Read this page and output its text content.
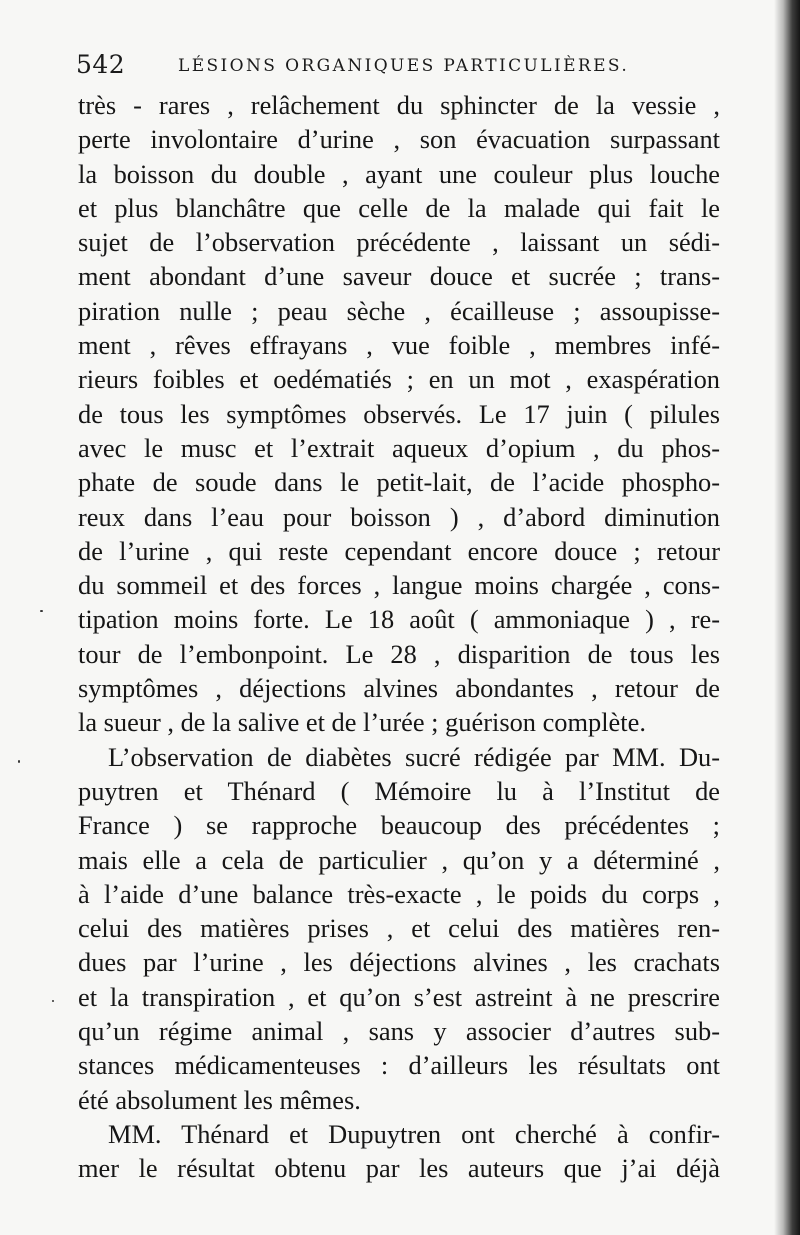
542	LÉSIONS ORGANIQUES PARTICULIÈRES.
très - rares , relâchement du sphincter de la vessie ,
perte involontaire d’urine , son évacuation surpassant
la boisson du double , ayant une couleur plus louche
et plus blanchâtre que celle de la malade qui fait le
sujet de l’observation précédente , laissant un sédi-
ment abondant d’une saveur douce et sucrée ; trans-
piration nulle ; peau sèche , écailleuse ; assoupisse-
ment , rêves effrayans , vue foible , membres infé-
rieurs foibles et oedématiés ; en un mot , exaspération
de tous les symptômes observés. Le 17 juin ( pilules
avec le musc et l’extrait aqueux d’opium , du phos-
phate de soude dans le petit-lait, de l’acide phospho-
reux dans l’eau pour boisson ) , d’abord diminution
de l’urine , qui reste cependant encore douce ; retour
du sommeil et des forces , langue moins chargée , cons-
tipation moins forte. Le 18 août ( ammoniaque ) , re-
tour de l’embonpoint. Le 28 , disparition de tous les
symptômes , déjections alvines abondantes , retour de
la sueur , de la salive et de l’urée ; guérison complète.
L’observation de diabètes sucré rédigée par MM. Du-
puytren et Thénard ( Mémoire lu à l’Institut de
France ) se rapproche beaucoup des précédentes ;
mais elle a cela de particulier , qu’on y a déterminé ,
à l’aide d’une balance très-exacte , le poids du corps ,
celui des matières prises , et celui des matières ren-
dues par l’urine , les déjections alvines , les crachats
et la transpiration , et qu’on s’est astreint à ne prescrire
qu’un régime animal , sans y associer d’autres sub-
stances médicamenteuses : d’ailleurs les résultats ont
été absolument les mêmes.
MM. Thénard et Dupuytren ont cherché à confir-
mer le résultat obtenu par les auteurs que j’ai déjà
